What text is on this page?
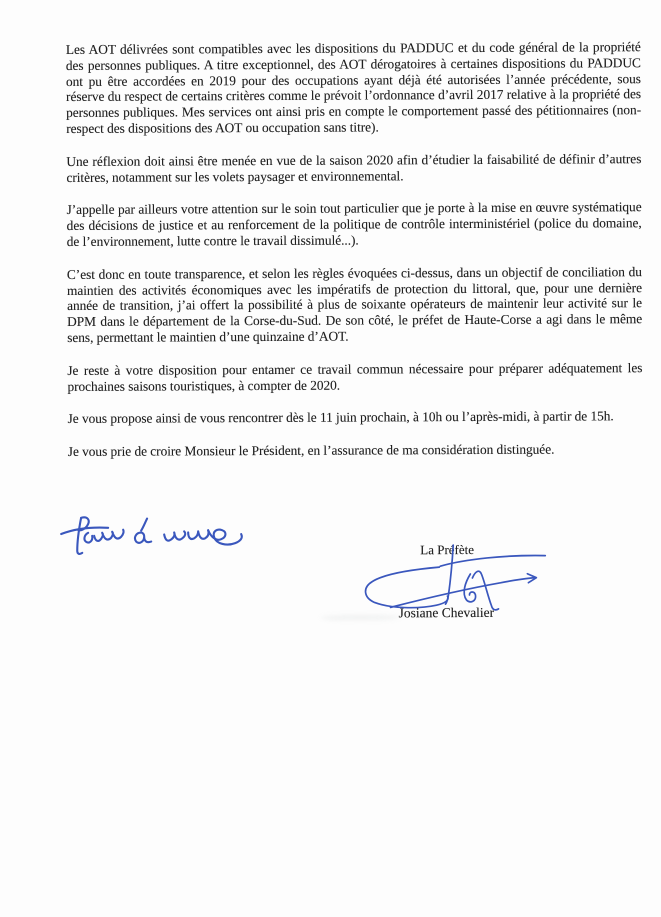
Les AOT délivrées sont compatibles avec les dispositions du PADDUC et du code général de la propriété des personnes publiques. A titre exceptionnel, des AOT dérogatoires à certaines dispositions du PADDUC ont pu être accordées en 2019 pour des occupations ayant déjà été autorisées l’année précédente, sous réserve du respect de certains critères comme le prévoit l’ordonnance d’avril 2017 relative à la propriété des personnes publiques. Mes services ont ainsi pris en compte le comportement passé des pétitionnaires (non-respect des dispositions des AOT ou occupation sans titre).

Une réflexion doit ainsi être menée en vue de la saison 2020 afin d’étudier la faisabilité de définir d’autres critères, notamment sur les volets paysager et environnemental.

J’appelle par ailleurs votre attention sur le soin tout particulier que je porte à la mise en œuvre systématique des décisions de justice et au renforcement de la politique de contrôle interministériel (police du domaine, de l’environnement, lutte contre le travail dissimulé...).

C’est donc en toute transparence, et selon les règles évoquées ci-dessus, dans un objectif de conciliation du maintien des activités économiques avec les impératifs de protection du littoral, que, pour une dernière année de transition, j’ai offert la possibilité à plus de soixante opérateurs de maintenir leur activité sur le DPM dans le département de la Corse-du-Sud. De son côté, le préfet de Haute-Corse a agi dans le même sens, permettant le maintien d’une quinzaine d’AOT.

Je reste à votre disposition pour entamer ce travail commun nécessaire pour préparer adéquatement les prochaines saisons touristiques, à compter de 2020.

Je vous propose ainsi de vous rencontrer dès le 11 juin prochain, à 10h ou l’après-midi, à partir de 15h.

Je vous prie de croire Monsieur le Président, en l’assurance de ma considération distinguée.

La Préfète
Josiane Chevalier
